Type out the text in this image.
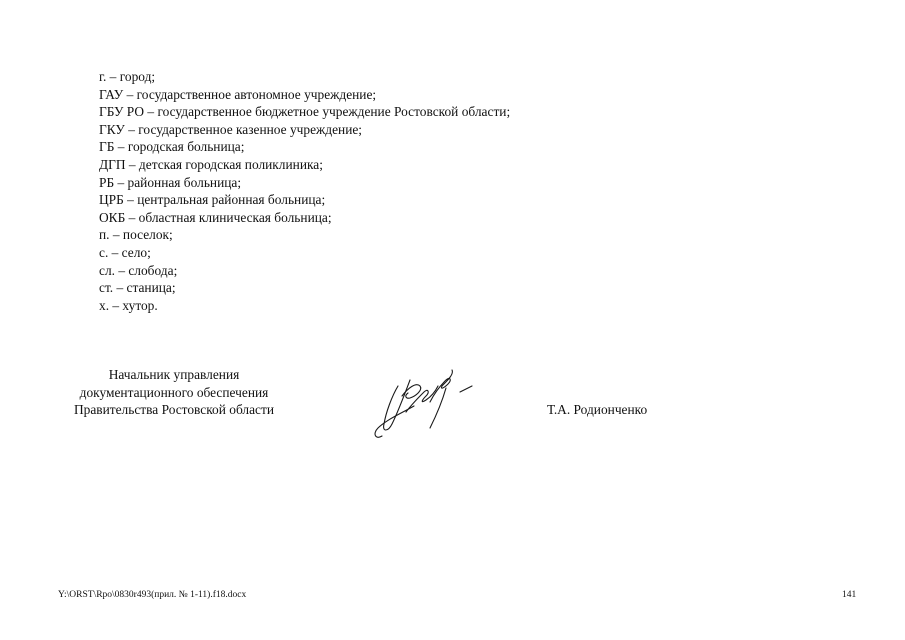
г. – город;
ГАУ – государственное автономное учреждение;
ГБУ РО – государственное бюджетное учреждение Ростовской области;
ГКУ – государственное казенное учреждение;
ГБ – городская больница;
ДГП – детская городская поликлиника;
РБ – районная больница;
ЦРБ – центральная районная больница;
ОКБ – областная клиническая больница;
п. – поселок;
с. – село;
сл. – слобода;
ст. – станица;
х. – хутор.
Начальник управления
документационного обеспечения
Правительства Ростовской области	Т.А. Родионченко
Y:\ORST\Rpo\0830r493(прил. № 1-11).f18.docx	141
